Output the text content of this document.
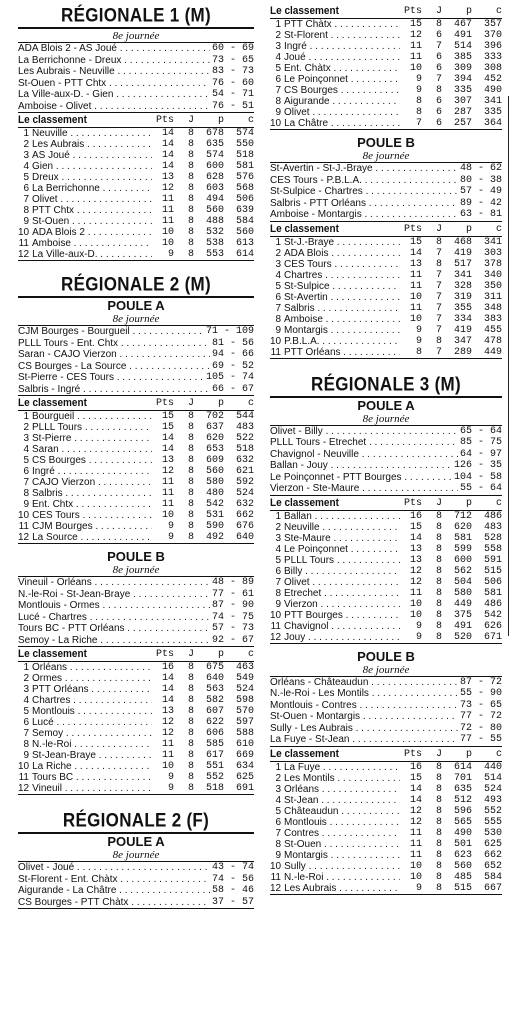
RÉGIONALE 1 (M)
8e journée
ADA Blois 2 - AS Joué . . .	60 - 69
La Berrichonne - Dreux . . .	73 - 65
Les Aubrais - Neuville . . .	83 - 73
St-Ouen - PTT Chtx . . .	76 - 60
La Ville-aux-D. - Gien . . .	54 - 71
Amboise - Olivet . . .	76 - 51
Le classement	Pts	J	p	c
1 Neuville . . .	14	8	678	574
2 Les Aubrais . . .	14	8	635	550
3 AS Joué . . .	14	8	574	518
4 Gien . . .	14	8	600	581
5 Dreux . . .	13	8	628	576
6 La Berrichonne . . .	12	8	603	568
7 Olivet . . .	11	8	494	506
8 PTT Chtx . . .	11	8	560	639
9 St-Ouen . . .	11	8	488	584
10 ADA Blois 2 . . .	10	8	532	560
11 Amboise . . .	10	8	538	613
12 La Ville-aux-D. . . .	9	8	553	614
RÉGIONALE 2 (M)
POULE A
8e journée
CJM Bourges - Bourgueil . . .	71 - 109
PLLL Tours - Ent. Chtx . . .	81 - 56
Saran - CAJO Vierzon . . .	94 - 66
CS Bourges - La Source . . .	69 - 52
St-Pierre - CES Tours . . .	105 - 74
Salbris - Ingré . . .	66 - 67
Le classement	Pts	J	p	c
1 Bourgueil . . .	15	8	702	544
2 PLLL Tours . . .	15	8	637	483
3 St-Pierre . . .	14	8	620	522
4 Saran . . .	14	8	653	518
5 CS Bourges . . .	13	8	609	632
6 Ingré . . .	12	8	560	621
7 CAJO Vierzon . . .	11	8	580	592
8 Salbris . . .	11	8	480	524
9 Ent. Chtx . . .	11	8	542	632
10 CES Tours . . .	10	8	531	662
11 CJM Bourges . . .	9	8	590	676
12 La Source . . .	9	8	492	640
POULE B
8e journée
Vineuil - Orléans . . .	48 - 89
N.-le-Roi - St-Jean-Braye . . .	77 - 61
Montlouis - Ormes . . .	87 - 90
Lucé - Chartres . . .	74 - 75
Tours BC - PTT Orléans . . .	57 - 73
Semoy - La Riche . . .	92 - 67
Le classement	Pts	J	p	c
1 Orléans . . .	16	8	675	463
2 Ormes . . .	14	8	640	549
3 PTT Orléans . . .	14	8	563	524
4 Chartres . . .	14	8	582	598
5 Montlouis . . .	13	8	607	570
6 Lucé . . .	12	8	622	597
7 Semoy . . .	12	8	606	588
8 N.-le-Roi . . .	11	8	585	610
9 St-Jean-Braye . . .	11	8	617	669
10 La Riche . . .	10	8	551	634
11 Tours BC . . .	9	8	552	625
12 Vineuil . . .	9	8	518	691
RÉGIONALE 2 (F)
POULE A
8e journée
Olivet - Joué . . .	43 - 74
St-Florent - Ent. Chàtx . . .	74 - 56
Aigurande - La Châtre . . .	58 - 46
CS Bourges - PTT Chàtx . . .	37 - 57
Le classement	Pts	J	p	c
1 PTT Chàtx . . .	15	8	467	357
2 St-Florent . . .	12	6	491	370
3 Ingré . . .	11	7	514	396
4 Joué . . .	11	6	385	333
5 Ent. Chàtx . . .	10	6	309	308
6 Le Poinçonnet . . .	9	7	394	452
7 CS Bourges . . .	9	8	335	490
8 Aigurande . . .	8	6	307	341
9 Olivet . . .	8	6	287	335
10 La Châtre . . .	7	6	257	364
POULE B
8e journée
St-Avertin - St-J.-Braye . . .	48 - 62
CES Tours - P.B.L.A. . . .	80 - 38
St-Sulpice - Chartres . . .	57 - 49
Salbris - PTT Orléans . . .	89 - 42
Amboise - Montargis . . .	63 - 81
Le classement	Pts	J	p	c
1 St-J.-Braye . . .	15	8	468	341
2 ADA Blois . . .	14	7	419	303
3 CES Tours . . .	13	8	517	378
4 Chartres . . .	11	7	341	340
5 St-Sulpice . . .	11	7	328	350
6 St-Avertin . . .	10	7	319	311
7 Salbris . . .	11	7	355	348
8 Amboise . . .	10	7	334	383
9 Montargis . . .	9	7	419	455
10 P.B.L.A. . . .	9	8	347	478
11 PTT Orléans . . .	8	7	289	449
RÉGIONALE 3 (M)
POULE A
8e journée
Olivet - Billy . . .	65 - 64
PLLL Tours - Etrechet . . .	85 - 75
Chavignol - Neuville . . .	64 - 97
Ballan - Jouy . . .	126 - 35
Le Poinçonnet - PTT Bourges . . .	104 - 58
Vierzon - Ste-Maure . . .	55 - 64
Le classement	Pts	J	p	c
1 Ballan . . .	16	8	712	486
2 Neuville . . .	15	8	620	483
3 Ste-Maure . . .	14	8	581	528
4 Le Poinçonnet . . .	13	8	599	558
5 PLLL Tours . . .	13	8	600	591
6 Billy . . .	12	8	562	515
7 Olivet . . .	12	8	504	506
8 Etrechet . . .	11	8	580	581
9 Vierzon . . .	10	8	449	486
10 PTT Bourges . . .	10	8	375	542
11 Chavignol . . .	9	8	491	626
12 Jouy . . .	9	8	520	671
POULE B
8e journée
Orléans - Châteaudun . . .	87 - 72
N.-le-Roi - Les Montils . . .	55 - 90
Montlouis - Contres . . .	73 - 65
St-Ouen - Montargis . . .	77 - 72
Sully - Les Aubrais . . .	72 - 80
La Fuye - St-Jean . . .	77 - 55
Le classement	Pts	J	p	c
1 La Fuye . . .	16	8	614	440
2 Les Montils . . .	15	8	701	514
3 Orléans . . .	14	8	635	524
4 St-Jean . . .	14	8	512	493
5 Châteaudun . . .	12	8	596	552
6 Montlouis . . .	12	8	565	555
7 Contres . . .	11	8	490	530
8 St-Ouen . . .	11	8	501	625
9 Montargis . . .	11	8	623	662
10 Sully . . .	10	8	560	652
11 N.-le-Roi . . .	10	8	485	584
12 Les Aubrais . . .	9	8	515	667
